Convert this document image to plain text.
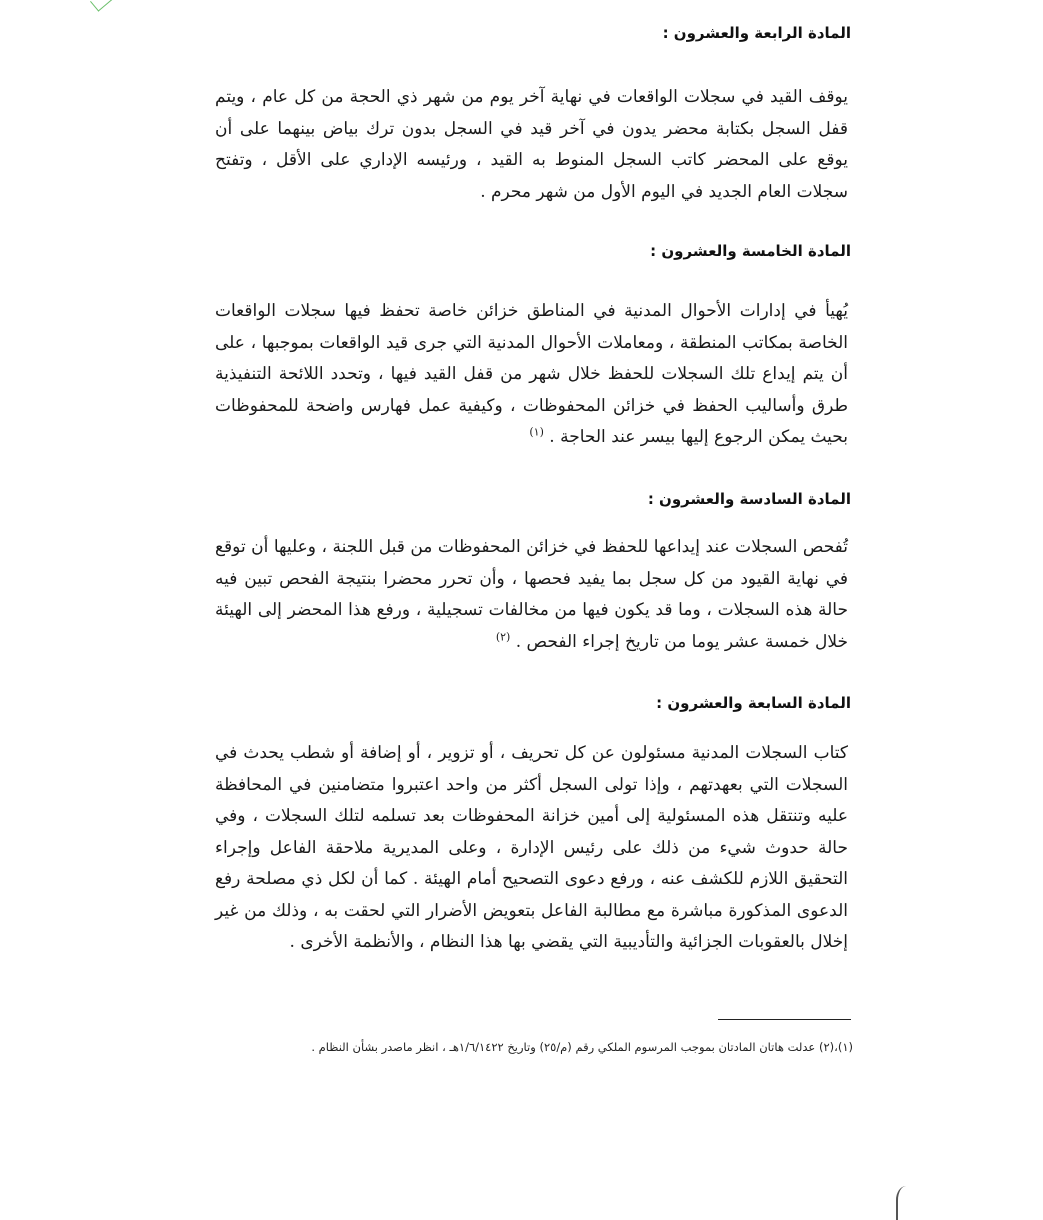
المادة الرابعة والعشرون :

يوقف القيد في سجلات الواقعات في نهاية آخر يوم من شهر ذي الحجة من كل عام ، ويتم قفل السجل بكتابة محضر يدون في آخر قيد في السجل بدون ترك بياض بينهما على أن يوقع على المحضر كاتب السجل المنوط به القيد ، ورئيسه الإداري على الأقل ، وتفتح سجلات العام الجديد في اليوم الأول من شهر محرم .

المادة الخامسة والعشرون :

يُهيأ في إدارات الأحوال المدنية في المناطق خزائن خاصة تحفظ فيها سجلات الواقعات الخاصة بمكاتب المنطقة ، ومعاملات الأحوال المدنية التي جرى قيد الواقعات بموجبها ، على أن يتم إيداع تلك السجلات للحفظ خلال شهر من قفل القيد فيها ، وتحدد اللائحة التنفيذية طرق وأساليب الحفظ في خزائن المحفوظات ، وكيفية عمل فهارس واضحة للمحفوظات بحيث يمكن الرجوع إليها بيسر عند الحاجة . $^{(١)}$

المادة السادسة والعشرون :

تُفحص السجلات عند إيداعها للحفظ في خزائن المحفوظات من قبل اللجنة ، وعليها أن توقع في نهاية القيود من كل سجل بما يفيد فحصها ، وأن تحرر محضرا بنتيجة الفحص تبين فيه حالة هذه السجلات ، وما قد يكون فيها من مخالفات تسجيلية ، ورفع هذا المحضر إلى الهيئة خلال خمسة عشر يوما من تاريخ إجراء الفحص . $^{(٢)}$

المادة السابعة والعشرون :

كتاب السجلات المدنية مسئولون عن كل تحريف ، أو تزوير ، أو إضافة أو شطب يحدث في السجلات التي بعهدتهم ، وإذا تولى السجل أكثر من واحد اعتبروا متضامنين في المحافظة عليه وتنتقل هذه المسئولية إلى أمين خزانة المحفوظات بعد تسلمه لتلك السجلات ، وفي حالة حدوث شيء من ذلك على رئيس الإدارة ، وعلى المديرية ملاحقة الفاعل وإجراء التحقيق اللازم للكشف عنه ، ورفع دعوى التصحيح أمام الهيئة . كما أن لكل ذي مصلحة رفع الدعوى المذكورة مباشرة مع مطالبة الفاعل بتعويض الأضرار التي لحقت به ، وذلك من غير إخلال بالعقوبات الجزائية والتأديبية التي يقضي بها هذا النظام ، والأنظمة الأخرى .

(١)،(٢) عدلت هاتان المادتان بموجب المرسوم الملكي رقم (م/٢٥) وتاريخ ١/٦/١٤٢٢هـ ، انظر ماصدر بشأن النظام .
